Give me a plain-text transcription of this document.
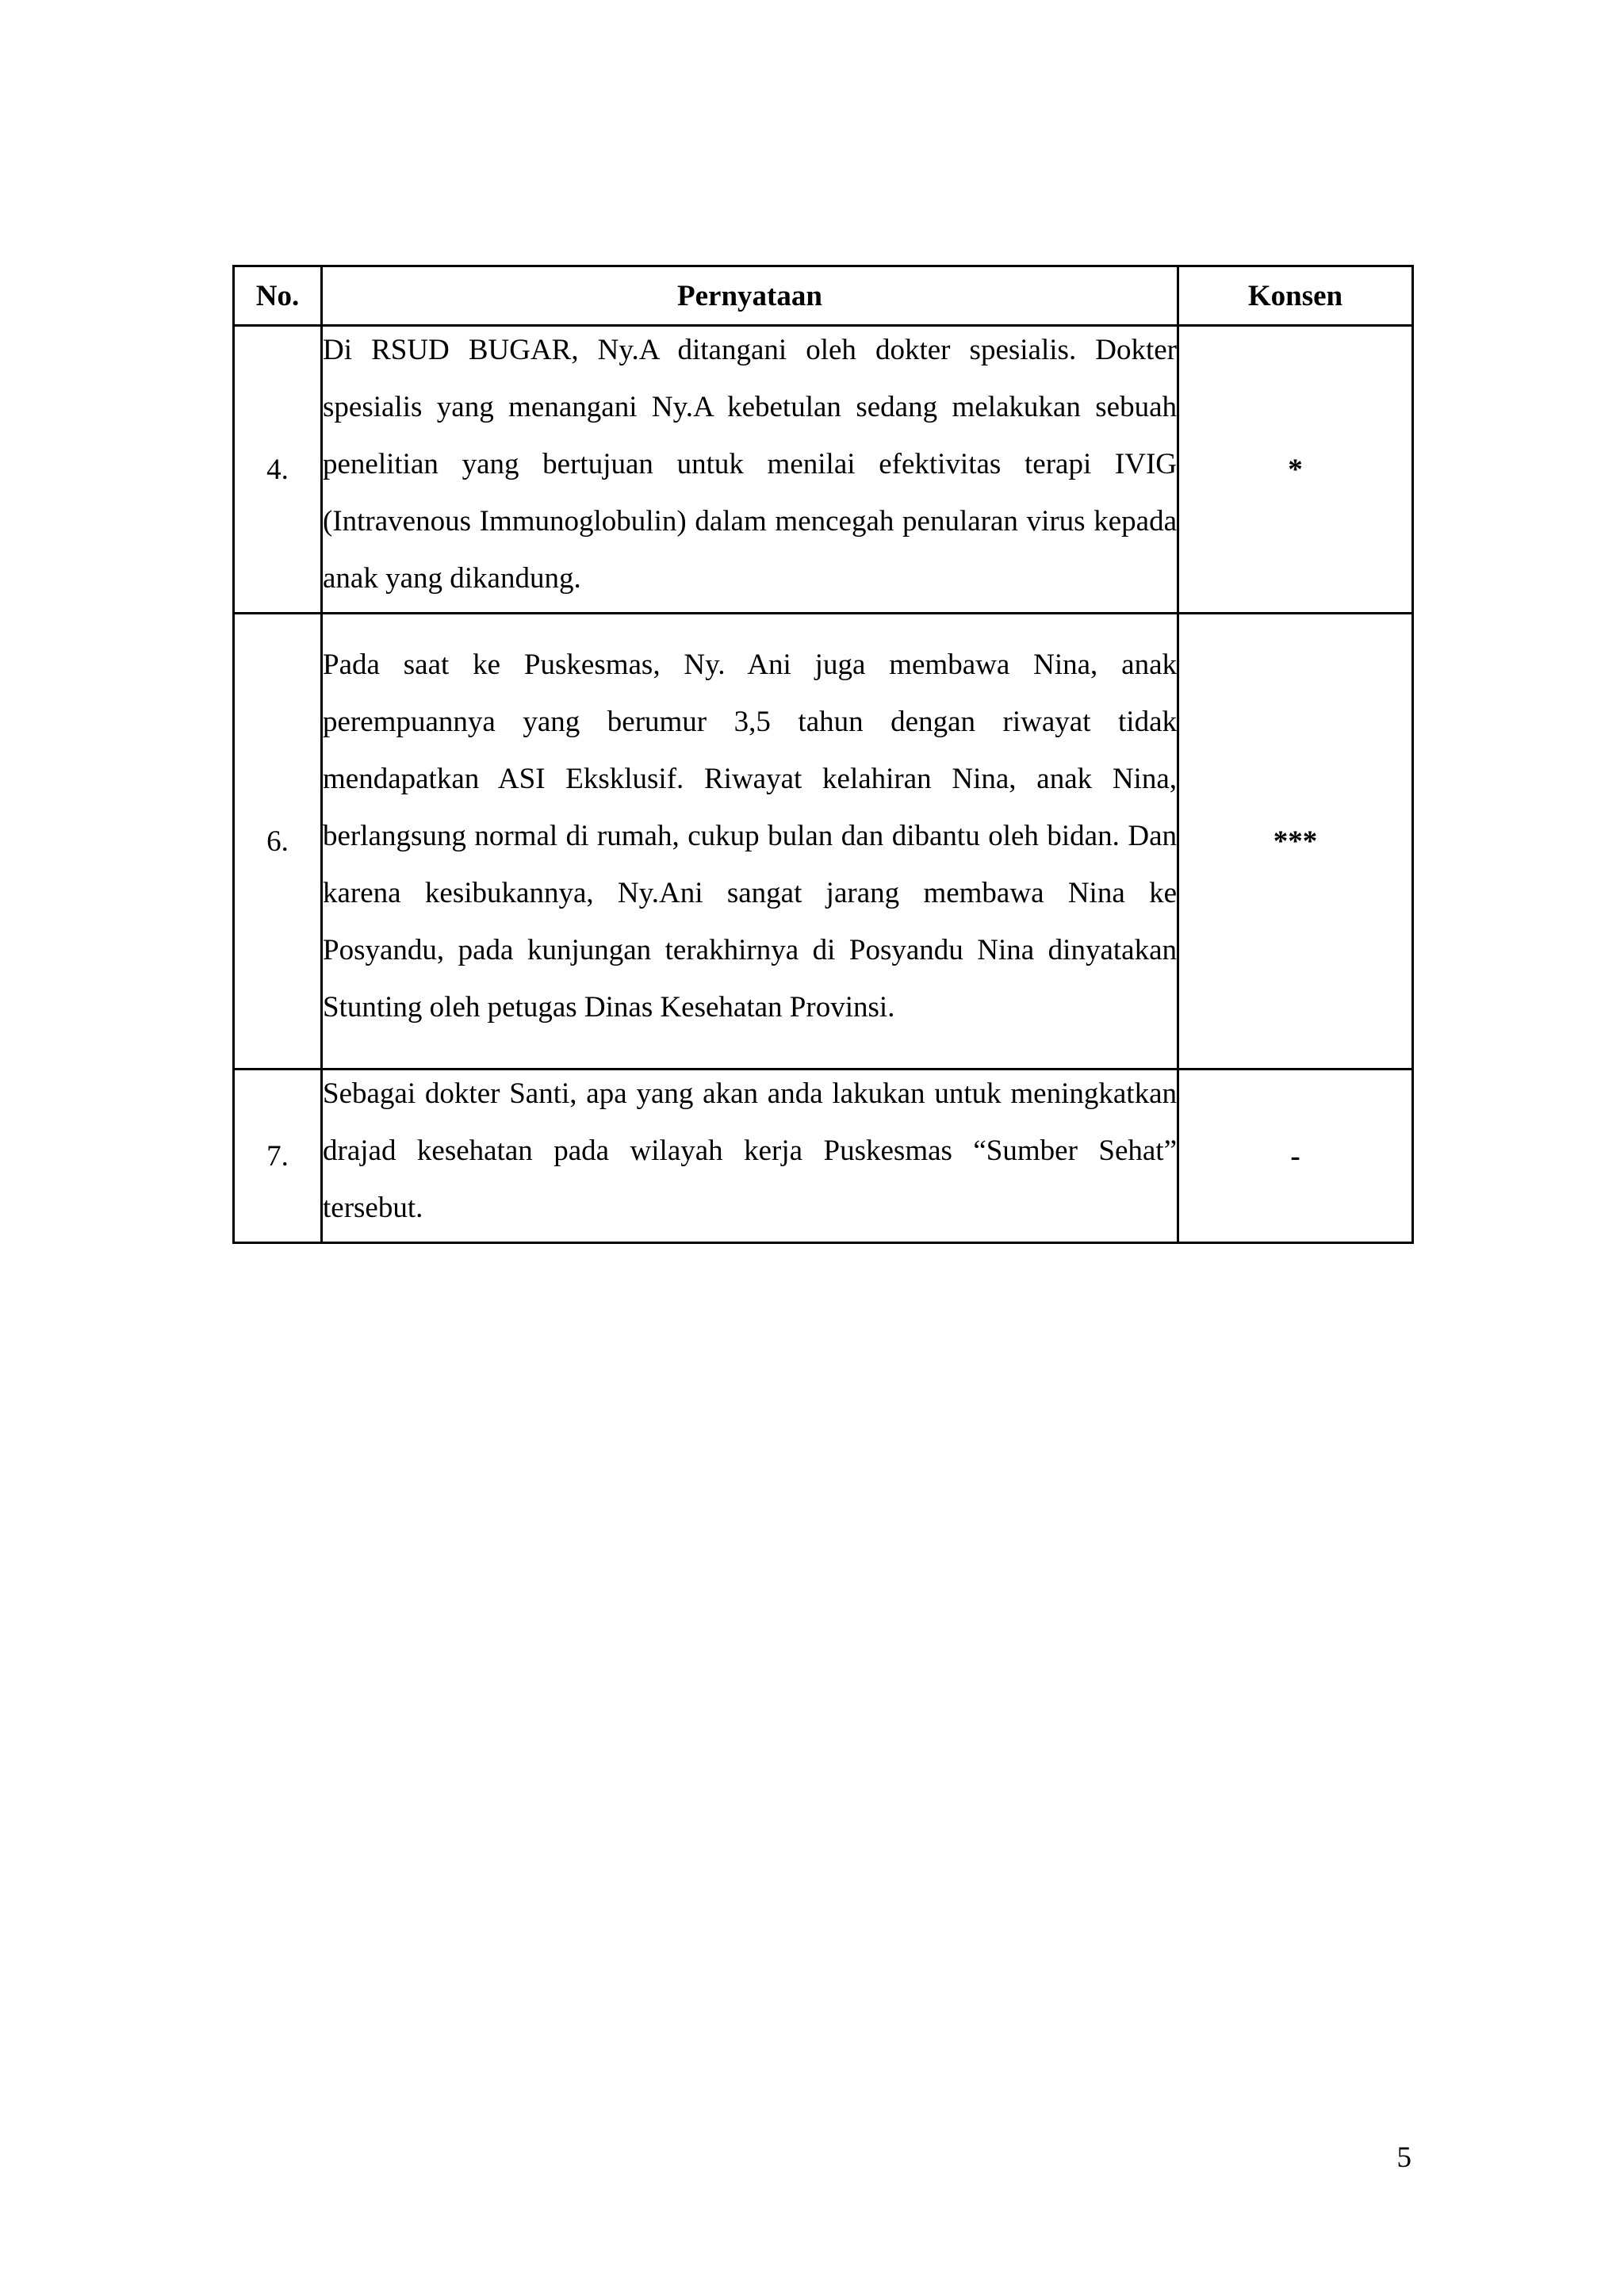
No.	Pernyataan	Konsen
4.	Di RSUD BUGAR, Ny.A ditangani oleh dokter spesialis. Dokter spesialis yang menangani Ny.A kebetulan sedang melakukan sebuah penelitian yang bertujuan untuk menilai efektivitas terapi IVIG (Intravenous Immunoglobulin) dalam mencegah penularan virus kepada anak yang dikandung.	*
6.	Pada saat ke Puskesmas, Ny. Ani juga membawa Nina, anak perempuannya yang berumur 3,5 tahun dengan riwayat tidak mendapatkan ASI Eksklusif. Riwayat kelahiran Nina, anak Nina, berlangsung normal di rumah, cukup bulan dan dibantu oleh bidan. Dan karena kesibukannya, Ny.Ani sangat jarang membawa Nina ke Posyandu, pada kunjungan terakhirnya di Posyandu Nina dinyatakan Stunting oleh petugas Dinas Kesehatan Provinsi.	***
7.	Sebagai dokter Santi, apa yang akan anda lakukan untuk meningkatkan drajad kesehatan pada wilayah kerja Puskesmas “Sumber Sehat” tersebut.	-
5
